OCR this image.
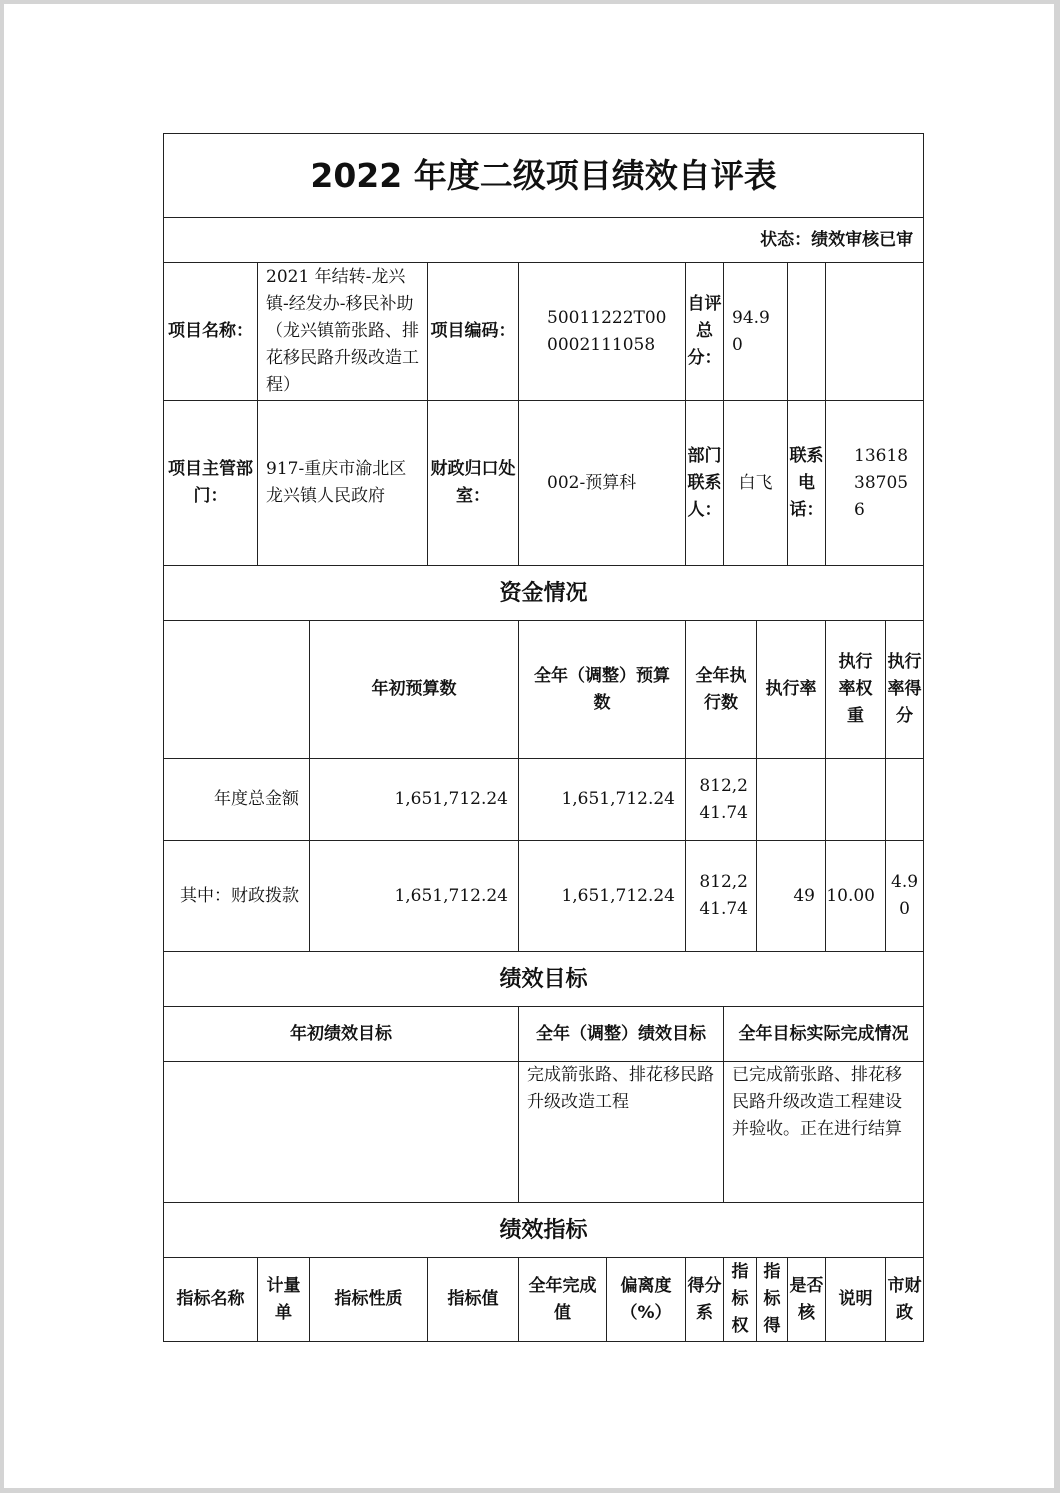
2022 年度二级项目绩效自评表											
状态：绩效审核已审											
项目名称：	2021 年结转-龙兴镇-经发办-移民补助（龙兴镇箭张路、排花移民路升级改造工程）		项目编码：	50011222T000002111058		自评总分：	94.90				
项目主管部门：	917-重庆市渝北区龙兴镇人民政府		财政归口处室：	002-预算科		部门联系人：	白飞		联系电话：	13618387056	
资金情况											
		年初预算数		全年（调整）预算数		全年执行数		执行率		执行率权重	执行率得分
年度总金额		1,651,712.24		1,651,712.24		812,241.74					
其中：财政拨款		1,651,712.24		1,651,712.24		812,241.74		49		10.00	4.90
绩效目标											
年初绩效目标				全年（调整）绩效目标			全年目标实际完成情况				
				完成箭张路、排花移民路升级改造工程			已完成箭张路、排花移民路升级改造工程建设并验收。正在进行结算				
绩效指标											
指标名称	计量单	指标性质	指标值	全年完成值	偏离度（%）	得分系	指标权	指标得	是否核	说明	市财政
